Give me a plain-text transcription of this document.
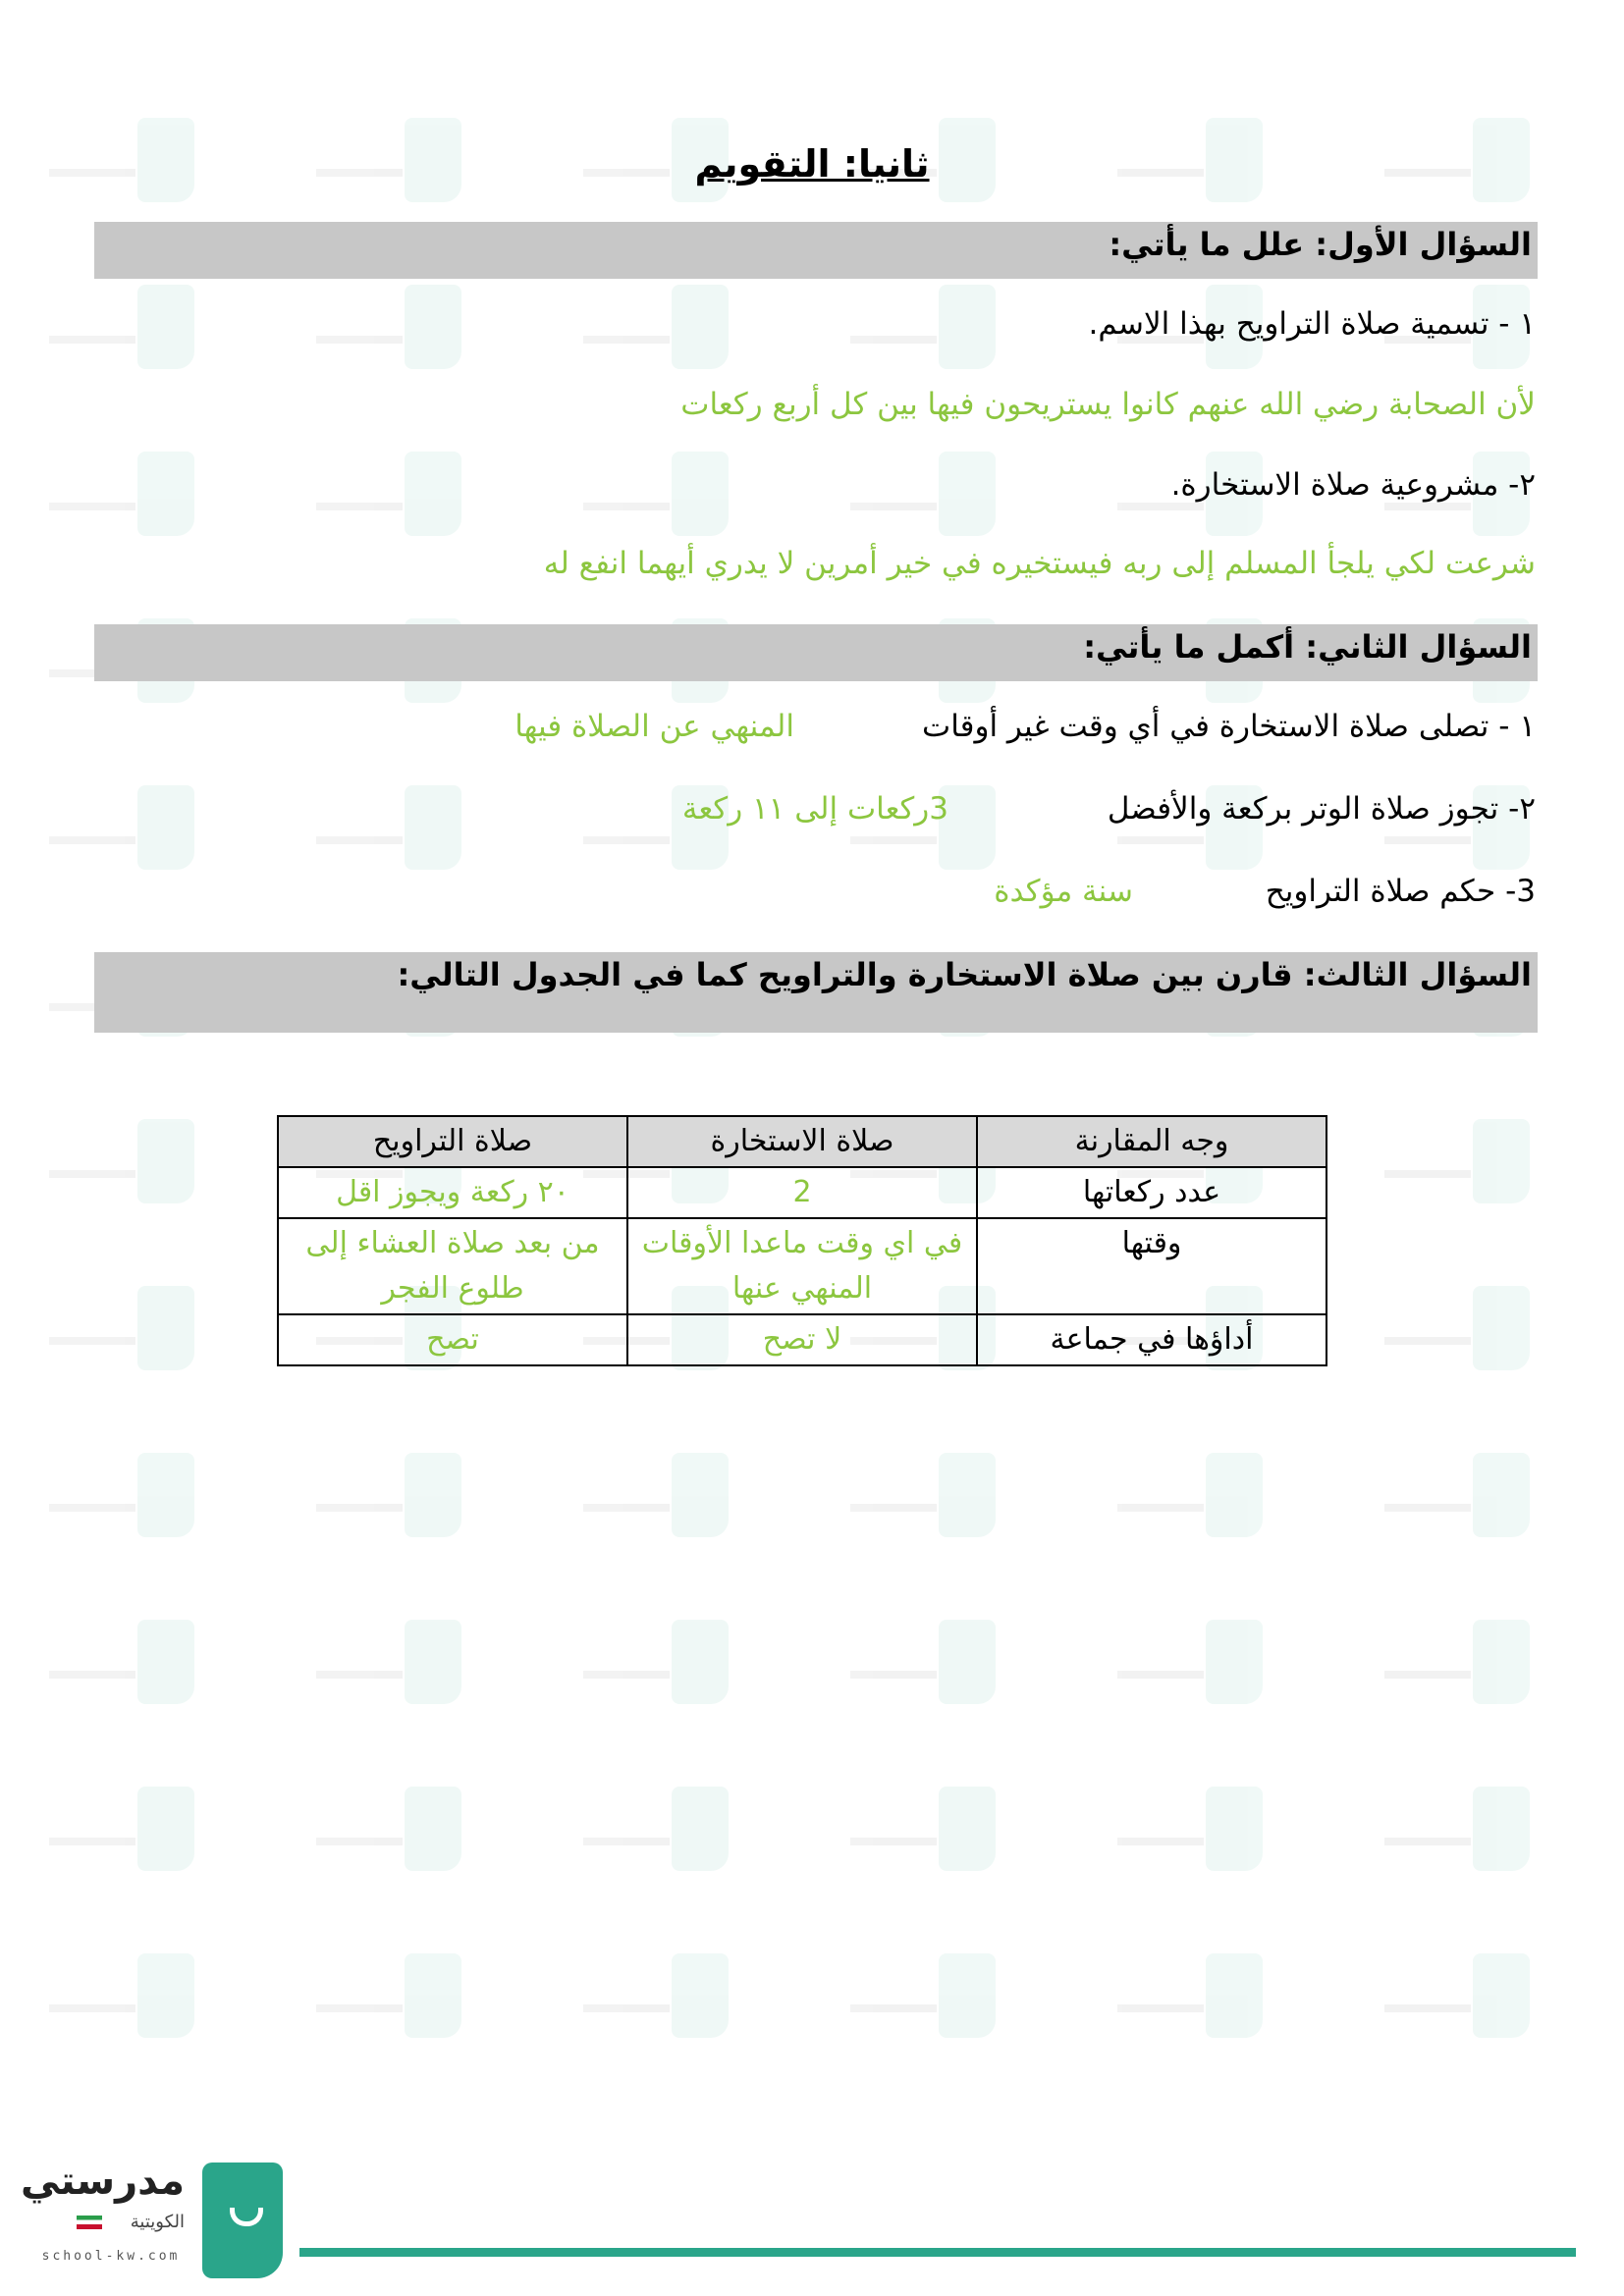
ثانيا: التقويم
السؤال الأول: علل ما يأتي:
١ - تسمية صلاة التراويح بهذا الاسم.
لأن الصحابة رضي الله عنهم كانوا يستريحون فيها بين كل أربع ركعات
٢- مشروعية صلاة الاستخارة.
شرعت لكي يلجأ المسلم إلى ربه فيستخيره في خير أمرين لا يدري أيهما انفع له
السؤال الثاني: أكمل ما يأتي:
١ - تصلى صلاة الاستخارة في أي وقت غير أوقات
المنهي عن الصلاة فيها
٢- تجوز صلاة الوتر بركعة والأفضل
3ركعات إلى ١١ ركعة
3- حكم صلاة التراويح
سنة مؤكدة
السؤال الثالث: قارن بين صلاة الاستخارة والتراويح كما في الجدول التالي:
وجه المقارنة	صلاة الاستخارة	صلاة التراويح
عدد ركعاتها	2	٢٠ ركعة ويجوز اقل
وقتها	في اي وقت ماعدا الأوقات المنهي عنها	من بعد صلاة العشاء إلى طلوع الفجر
أداؤها في جماعة	لا تصح	تصح
مدرستي
الكويتية
school-kw.com
